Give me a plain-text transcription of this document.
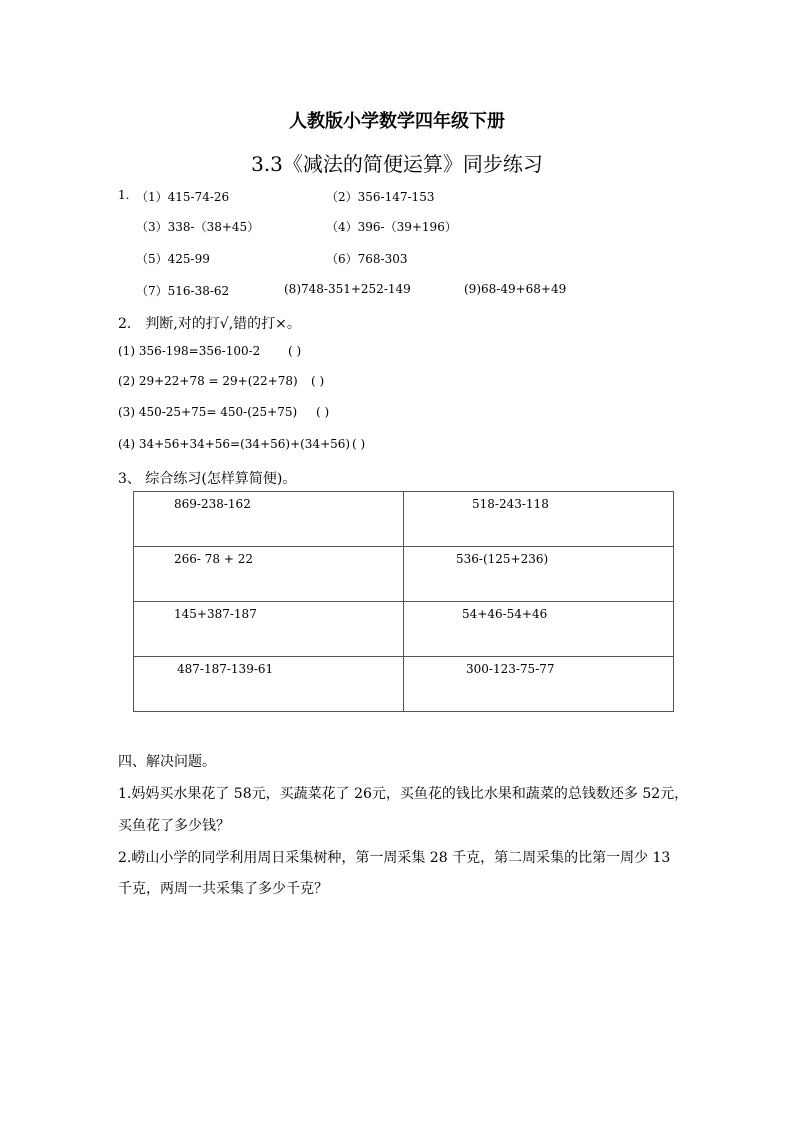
人教版小学数学四年级下册
3.3《减法的简便运算》同步练习
1. （1）415-74-26	（2）356-147-153
（3）338-（38+45）	（4）396-（39+196）
（5）425-99	（6）768-303
（7）516-38-62	(8)748-351+252-149	(9)68-49+68+49
2． 判断,对的打√,错的打×。
(1) 356-198=356-100-2 ( )
(2) 29+22+78 = 29+(22+78) ( )
(3) 450-25+75= 450-(25+75) ( )
(4) 34+56+34+56=(34+56)+(34+56) ( )
3、 综合练习(怎样算简便)。
869-238-162	518-243-118

266- 78 + 22	536-(125+236)

145+387-187	54+46-54+46

487-187-139-61	300-123-75-77
四、解决问题。
1.妈妈买水果花了 58元，买蔬菜花了 26元，买鱼花的钱比水果和蔬菜的总钱数还多 52元，
买鱼花了多少钱？
2.崂山小学的同学利用周日采集树种，第一周采集 28 千克，第二周采集的比第一周少 13
千克，两周一共采集了多少千克？
